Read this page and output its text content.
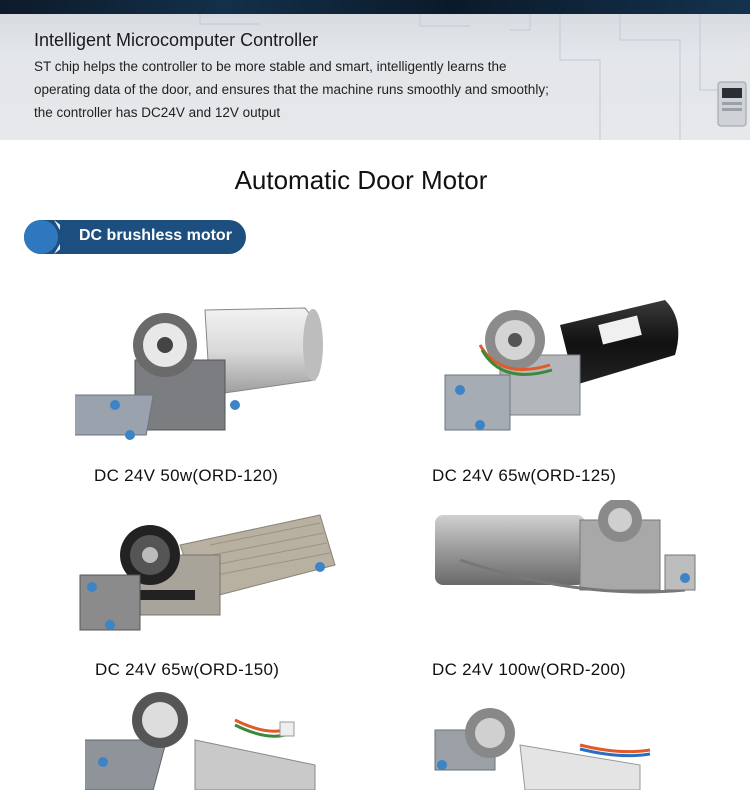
Intelligent Microcomputer Controller
ST chip helps the controller to be more stable and smart, intelligently learns the operating data of the door, and ensures that the machine runs smoothly and smoothly; the controller has DC24V and 12V output
Automatic Door Motor
DC brushless motor
DC 24V 50w(ORD-120)	DC 24V 65w(ORD-125)
DC 24V 65w(ORD-150)	DC 24V 100w(ORD-200)
